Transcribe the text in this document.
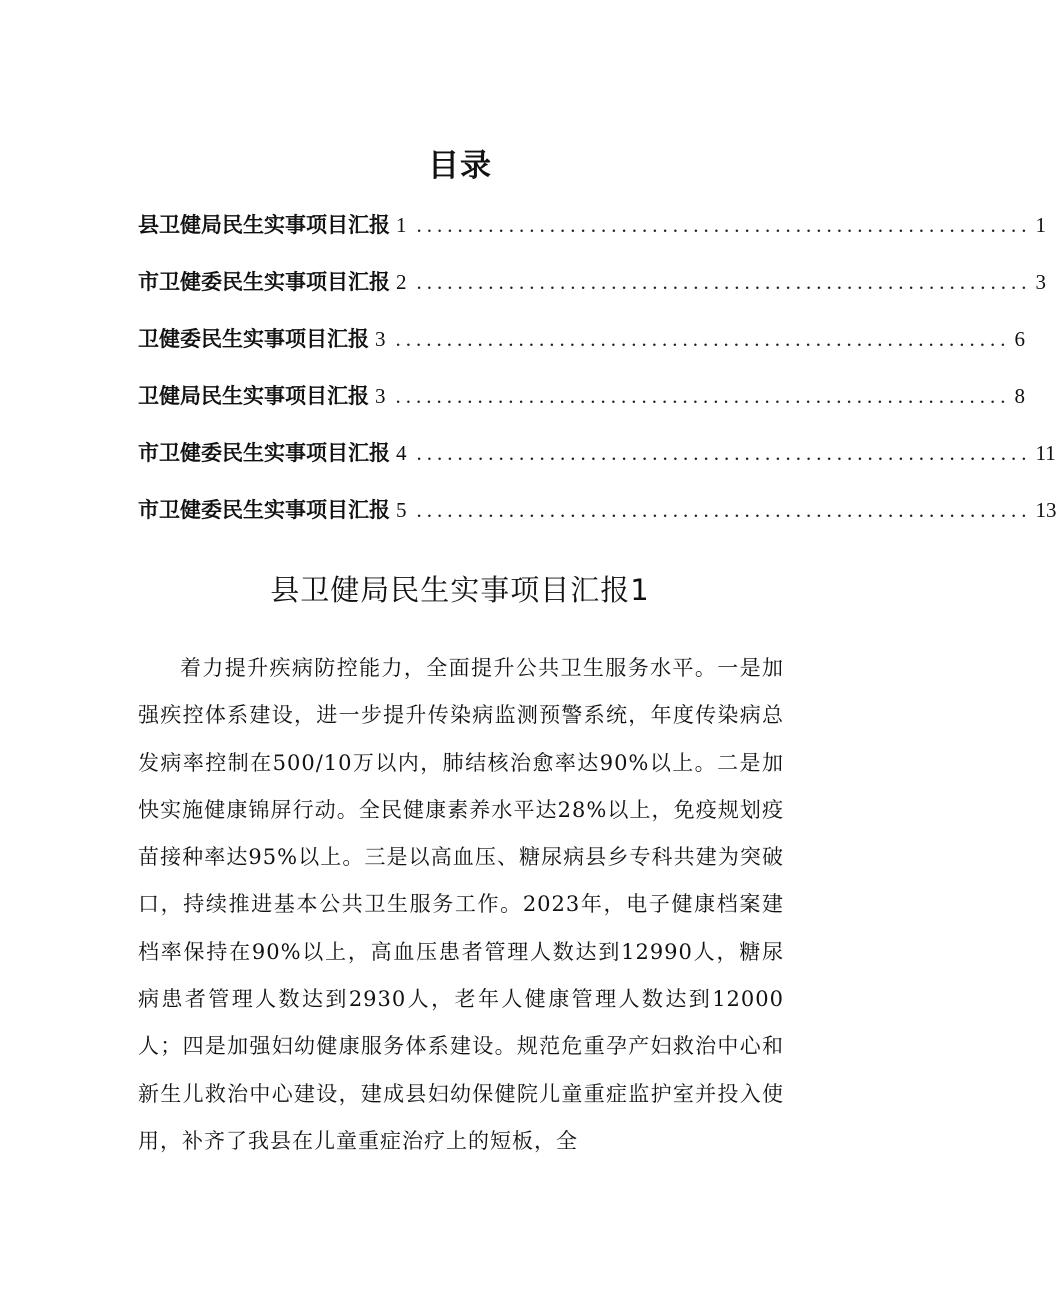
目录
县卫健局民生实事项目汇报 1 ............................................................ 1
市卫健委民生实事项目汇报 2 ............................................................ 3
卫健委民生实事项目汇报 3 ............................................................ 6
卫健局民生实事项目汇报 3 ............................................................ 8
市卫健委民生实事项目汇报 4 ............................................................ 11
市卫健委民生实事项目汇报 5 ............................................................ 13
县卫健局民生实事项目汇报1

着力提升疾病防控能力，全面提升公共卫生服务水平。一是加强疾控体系建设，进一步提升传染病监测预警系统，年度传染病总发病率控制在500/10万以内，肺结核治愈率达90%以上。二是加快实施健康锦屏行动。全民健康素养水平达28%以上，免疫规划疫苗接种率达95%以上。三是以高血压、糖尿病县乡专科共建为突破口，持续推进基本公共卫生服务工作。2023年，电子健康档案建档率保持在90%以上，高血压患者管理人数达到12990人，糖尿病患者管理人数达到2930人，老年人健康管理人数达到12000人；四是加强妇幼健康服务体系建设。规范危重孕产妇救治中心和新生儿救治中心建设，建成县妇幼保健院儿童重症监护室并投入使用，补齐了我县在儿童重症治疗上的短板，全
